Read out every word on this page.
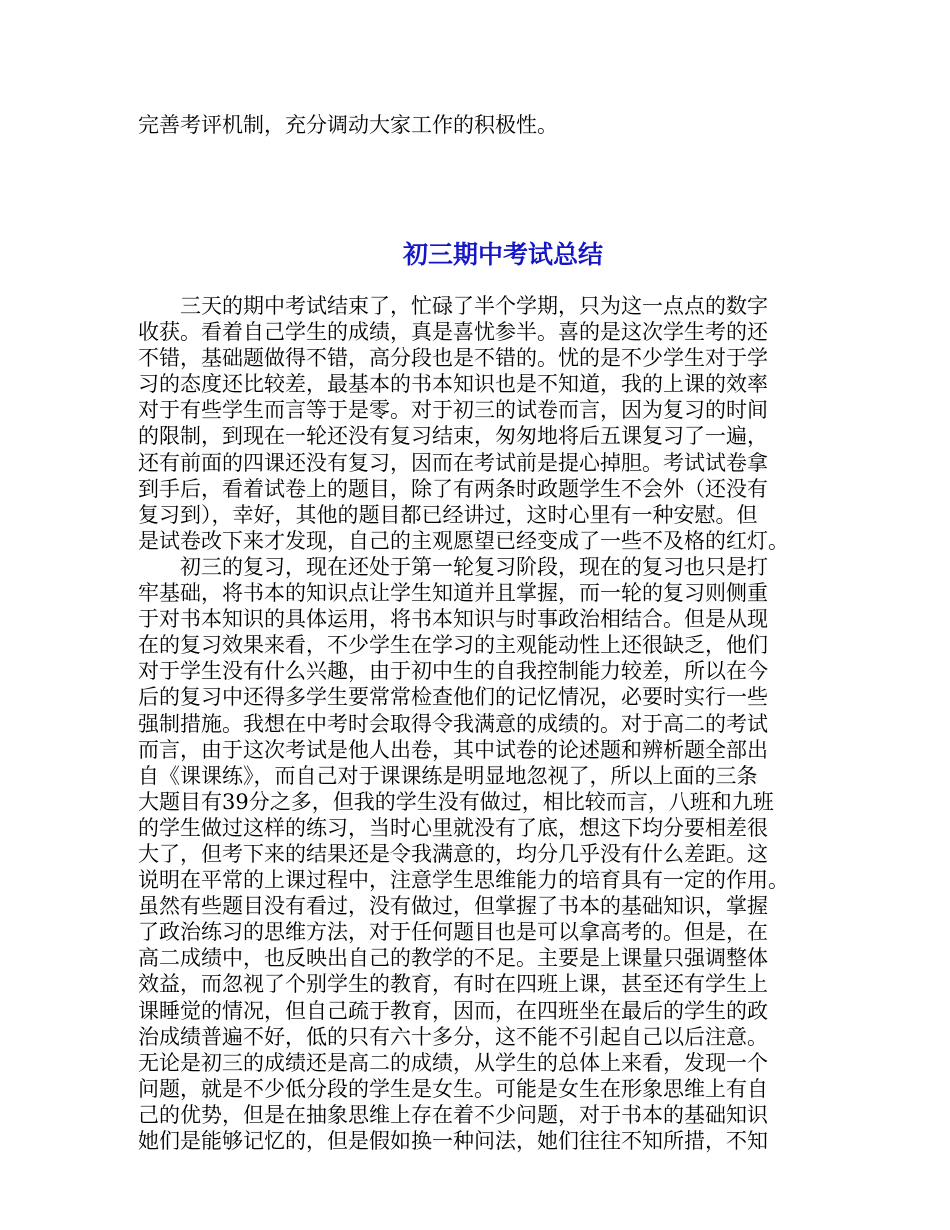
完善考评机制，充分调动大家工作的积极性。
初三期中考试总结
　　三天的期中考试结束了，忙碌了半个学期，只为这一点点的数字
收获。看着自己学生的成绩，真是喜忧参半。喜的是这次学生考的还
不错，基础题做得不错，高分段也是不错的。忧的是不少学生对于学
习的态度还比较差，最基本的书本知识也是不知道，我的上课的效率
对于有些学生而言等于是零。对于初三的试卷而言，因为复习的时间
的限制，到现在一轮还没有复习结束，匆匆地将后五课复习了一遍，
还有前面的四课还没有复习，因而在考试前是提心掉胆。考试试卷拿
到手后，看着试卷上的题目，除了有两条时政题学生不会外（还没有
复习到），幸好，其他的题目都已经讲过，这时心里有一种安慰。但
是试卷改下来才发现，自己的主观愿望已经变成了一些不及格的红灯。
　　初三的复习，现在还处于第一轮复习阶段，现在的复习也只是打
牢基础，将书本的知识点让学生知道并且掌握，而一轮的复习则侧重
于对书本知识的具体运用，将书本知识与时事政治相结合。但是从现
在的复习效果来看，不少学生在学习的主观能动性上还很缺乏，他们
对于学生没有什么兴趣，由于初中生的自我控制能力较差，所以在今
后的复习中还得多学生要常常检查他们的记忆情况，必要时实行一些
强制措施。我想在中考时会取得令我满意的成绩的。对于高二的考试
而言，由于这次考试是他人出卷，其中试卷的论述题和辨析题全部出
自《课课练》，而自己对于课课练是明显地忽视了，所以上面的三条
大题目有39分之多，但我的学生没有做过，相比较而言，八班和九班
的学生做过这样的练习，当时心里就没有了底，想这下均分要相差很
大了，但考下来的结果还是令我满意的，均分几乎没有什么差距。这
说明在平常的上课过程中，注意学生思维能力的培育具有一定的作用。
虽然有些题目没有看过，没有做过，但掌握了书本的基础知识，掌握
了政治练习的思维方法，对于任何题目也是可以拿高考的。但是，在
高二成绩中，也反映出自己的教学的不足。主要是上课量只强调整体
效益，而忽视了个别学生的教育，有时在四班上课，甚至还有学生上
课睡觉的情况，但自己疏于教育，因而，在四班坐在最后的学生的政
治成绩普遍不好，低的只有六十多分，这不能不引起自己以后注意。
无论是初三的成绩还是高二的成绩，从学生的总体上来看，发现一个
问题，就是不少低分段的学生是女生。可能是女生在形象思维上有自
己的优势，但是在抽象思维上存在着不少问题，对于书本的基础知识
她们是能够记忆的，但是假如换一种问法，她们往往不知所措，不知
